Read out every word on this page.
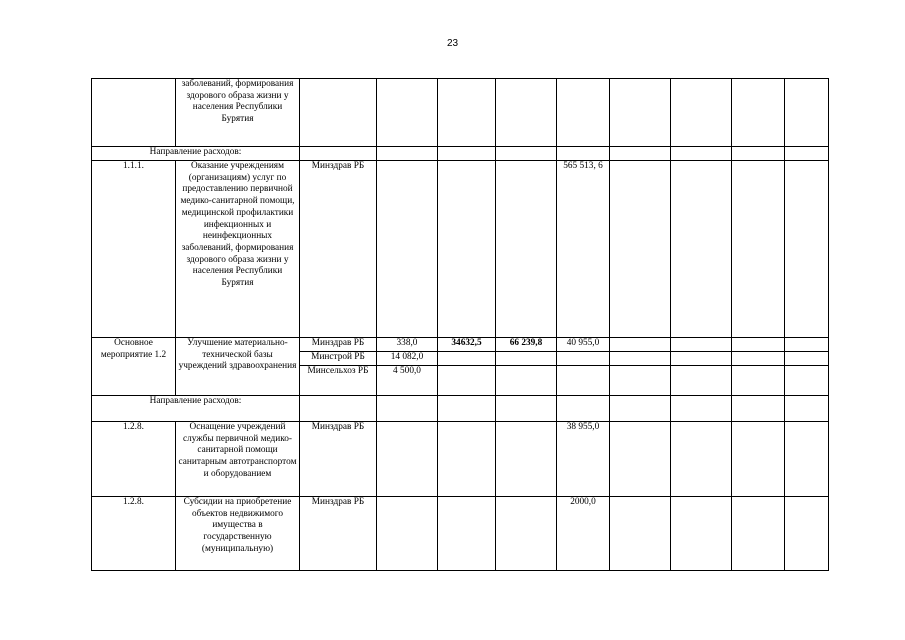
23
	заболеваний, формирования здорового образа жизни у населения Республики Бурятия									
Направление расходов:										
1.1.1.	Оказание учреждениям (организациям) услуг по предоставлению первичной медико-санитарной помощи, медицинской профилактики инфекционных и неинфекционных заболеваний, формирования здорового образа жизни у населения Республики Бурятия	Минздрав РБ				565 513, 6				
Основное мероприятие 1.2	Улучшение материально-технической базы учреждений здравоохранения	Минздрав РБ	338,0	34632,5	66 239,8	40 955,0				
		Минстрой РБ	14 082,0							
		Минсельхоз РБ	4 500,0							
Направление расходов:										
1.2.8.	Оснащение учреждений службы первичной медико-санитарной помощи санитарным автотранспортом и оборудованием	Минздрав РБ				38 955,0				
1.2.8.	Субсидии на приобретение объектов недвижимого имущества в государственную (муниципальную)	Минздрав РБ				2000,0				
